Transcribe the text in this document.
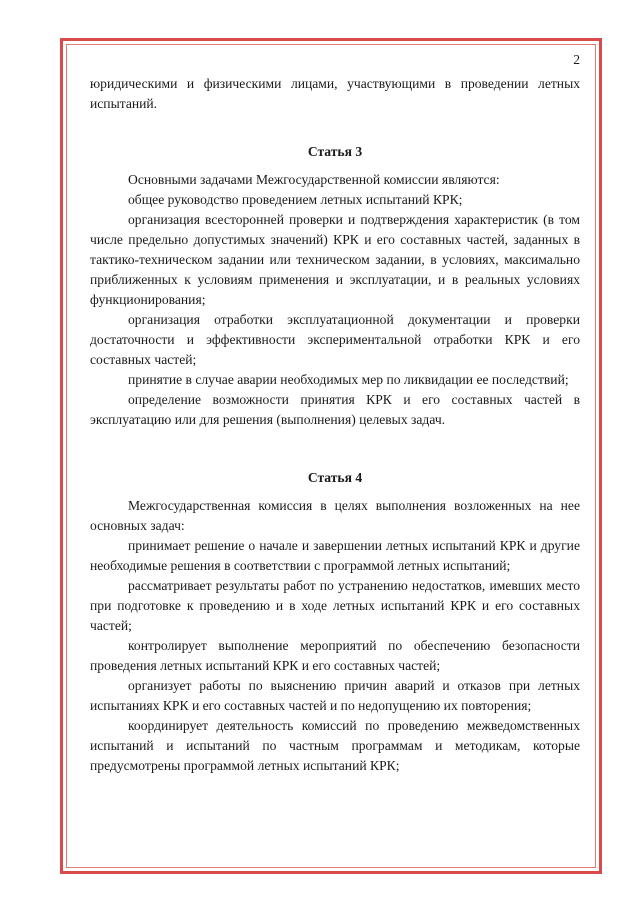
2

юридическими и физическими лицами, участвующими в проведении летных испытаний.

Статья 3

Основными задачами Межгосударственной комиссии являются:

общее руководство проведением летных испытаний КРК;

организация всесторонней проверки и подтверждения характеристик (в том числе предельно допустимых значений) КРК и его составных частей, заданных в тактико-техническом задании или техническом задании, в условиях, максимально приближенных к условиям применения и эксплуатации, и в реальных условиях функционирования;

организация отработки эксплуатационной документации и проверки достаточности и эффективности экспериментальной отработки КРК и его составных частей;

принятие в случае аварии необходимых мер по ликвидации ее последствий;

определение возможности принятия КРК и его составных частей в эксплуатацию или для решения (выполнения) целевых задач.

Статья 4

Межгосударственная комиссия в целях выполнения возложенных на нее основных задач:

принимает решение о начале и завершении летных испытаний КРК и другие необходимые решения в соответствии с программой летных испытаний;

рассматривает результаты работ по устранению недостатков, имевших место при подготовке к проведению и в ходе летных испытаний КРК и его составных частей;

контролирует выполнение мероприятий по обеспечению безопасности проведения летных испытаний КРК и его составных частей;

организует работы по выяснению причин аварий и отказов при летных испытаниях КРК и его составных частей и по недопущению их повторения;

координирует деятельность комиссий по проведению межведомственных испытаний и испытаний по частным программам и методикам, которые предусмотрены программой летных испытаний КРК;
